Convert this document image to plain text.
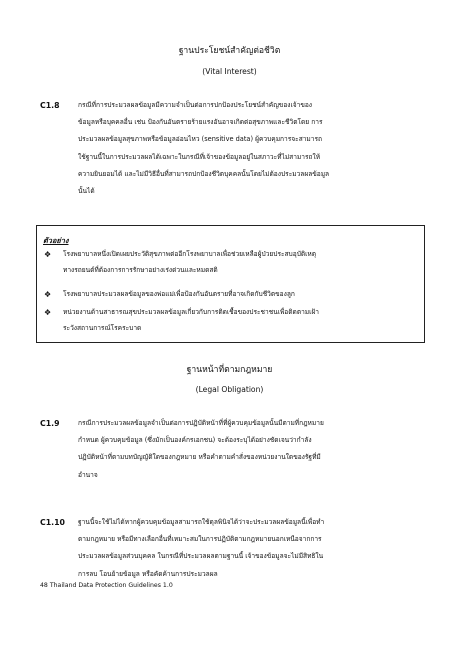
ฐานประโยชน์สำคัญต่อชีวิต
(Vital Interest)
C1.8	กรณีที่การประมวลผลข้อมูลมีความจำเป็นต่อการปกป้องประโยชน์สำคัญของเจ้าของ
ข้อมูลหรือบุคคลอื่น เช่น ป้องกันอันตรายร้ายแรงอันอาจเกิดต่อสุขภาพและชีวิตโดย การ
ประมวลผลข้อมูลสุขภาพหรือข้อมูลอ่อนไหว (sensitive data) ผู้ควบคุมการจะสามารถ
ใช้ฐานนี้ในการประมวลผลได้เฉพาะในกรณีที่เจ้าของข้อมูลอยู่ในสภาวะที่ไม่สามารถให้
ความยินยอมได้ และไม่มีวิธีอื่นที่สามารถปกป้องชีวิตบุคคลนั้นโดยไม่ต้องประมวลผลข้อมูล
นั้นได้
ตัวอย่าง
❖ โรงพยาบาลหนึ่งเปิดเผยประวัติสุขภาพต่ออีกโรงพยาบาลเพื่อช่วยเหลือผู้ป่วยประสบอุบัติเหตุ
ทางรถยนต์ที่ต้องการการรักษาอย่างเร่งด่วนและหมดสติ
❖ โรงพยาบาลประมวลผลข้อมูลของพ่อแม่เพื่อป้องกันอันตรายที่อาจเกิดกับชีวิตของลูก
❖ หน่วยงานด้านสาธารณสุขประมวลผลข้อมูลเกี่ยวกับการติดเชื้อของประชาชนเพื่อติดตามเฝ้า
ระวังสถานการณ์โรคระบาด
ฐานหน้าที่ตามกฎหมาย
(Legal Obligation)
C1.9	กรณีการประมวลผลข้อมูลจำเป็นต่อการปฏิบัติหน้าที่ที่ผู้ควบคุมข้อมูลนั้นมีตามที่กฎหมาย
กำหนด ผู้ควบคุมข้อมูล (ซึ่งมักเป็นองค์กรเอกชน) จะต้องระบุได้อย่างชัดเจนว่ากำลัง
ปฏิบัติหน้าที่ตามบทบัญญัติใดของกฎหมาย หรือคำตามคำสั่งของหน่วยงานใดของรัฐที่มี
อำนาจ
C1.10 ฐานนี้จะใช้ไม่ได้หากผู้ควบคุมข้อมูลสามารถใช้ดุลพินิจได้ว่าจะประมวลผลข้อมูลนี้เพื่อทำ
ตามกฎหมาย หรือมีทางเลือกอื่นที่เหมาะสมในการปฏิบัติตามกฎหมายนอกเหนือจากการ
ประมวลผลข้อมูลส่วนบุคคล ในกรณีที่ประมวลผลตามฐานนี้ เจ้าของข้อมูลจะไม่มีสิทธิใน
การลบ โอนย้ายข้อมูล หรือคัดค้านการประมวลผล
48 Thailand Data Protection Guidelines 1.0
